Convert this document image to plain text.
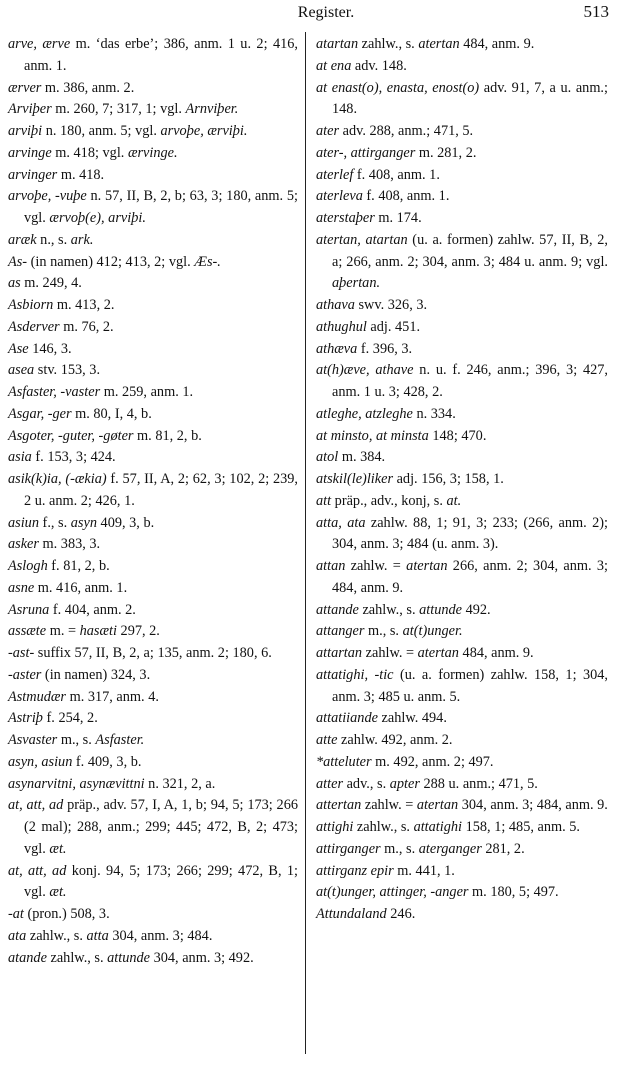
Register.	513
arve, ærve m. ‘das erbe’; 386, anm. 1 u. 2; 416, anm. 1.
ærver m. 386, anm. 2.
Arviþer m. 260, 7; 317, 1; vgl. Arnviþer.
arviþi n. 180, anm. 5; vgl. arvoþe, ærviþi.
arvinge m. 418; vgl. ærvinge.
arvinger m. 418.
arvoþe, -vuþe n. 57, II, B, 2, b; 63, 3; 180, anm. 5; vgl. ærvoþ(e), arviþi.
aræk n., s. ark.
As- (in namen) 412; 413, 2; vgl. Æs-.
as m. 249, 4.
Asbiorn m. 413, 2.
Asderver m. 76, 2.
Ase 146, 3.
asea stv. 153, 3.
Asfaster, -vaster m. 259, anm. 1.
Asgar, -ger m. 80, I, 4, b.
Asgoter, -guter, -gøter m. 81, 2, b.
asia f. 153, 3; 424.
asik(k)ia, (-ækia) f. 57, II, A, 2; 62, 3; 102, 2; 239, 2 u. anm. 2; 426, 1.
asiun f., s. asyn 409, 3, b.
asker m. 383, 3.
Aslogh f. 81, 2, b.
asne m. 416, anm. 1.
Asruna f. 404, anm. 2.
assæte m. = hasæti 297, 2.
-ast- suffix 57, II, B, 2, a; 135, anm. 2; 180, 6.
-aster (in namen) 324, 3.
Astmudær m. 317, anm. 4.
Astriþ f. 254, 2.
Asvaster m., s. Asfaster.
asyn, asiun f. 409, 3, b.
asynarvitni, asynævittni n. 321, 2, a.
at, att, ad präp., adv. 57, I, A, 1, b; 94, 5; 173; 266 (2 mal); 288, anm.; 299; 445; 472, B, 2; 473; vgl. æt.
at, att, ad konj. 94, 5; 173; 266; 299; 472, B, 1; vgl. æt.
-at (pron.) 508, 3.
ata zahlw., s. atta 304, anm. 3; 484.
atande zahlw., s. attunde 304, anm. 3; 492.
atartan zahlw., s. atertan 484, anm. 9.
at ena adv. 148.
at enast(o), enasta, enost(o) adv. 91, 7, a u. anm.; 148.
ater adv. 288, anm.; 471, 5.
ater-, attirganger m. 281, 2.
aterlef f. 408, anm. 1.
aterleva f. 408, anm. 1.
aterstaþer m. 174.
atertan, atartan (u. a. formen) zahlw. 57, II, B, 2, a; 266, anm. 2; 304, anm. 3; 484 u. anm. 9; vgl. aþertan.
athava swv. 326, 3.
athughul adj. 451.
athæva f. 396, 3.
at(h)æve, athave n. u. f. 246, anm.; 396, 3; 427, anm. 1 u. 3; 428, 2.
atleghe, atzleghe n. 334.
at minsto, at minsta 148; 470.
atol m. 384.
atskil(le)liker adj. 156, 3; 158, 1.
att präp., adv., konj, s. at.
atta, ata zahlw. 88, 1; 91, 3; 233; (266, anm. 2); 304, anm. 3; 484 (u. anm. 3).
attan zahlw. = atertan 266, anm. 2; 304, anm. 3; 484, anm. 9.
attande zahlw., s. attunde 492.
attanger m., s. at(t)unger.
attartan zahlw. = atertan 484, anm. 9.
attatighi, -tic (u. a. formen) zahlw. 158, 1; 304, anm. 3; 485 u. anm. 5.
attatiiande zahlw. 494.
atte zahlw. 492, anm. 2.
*atteluter m. 492, anm. 2; 497.
atter adv., s. apter 288 u. anm.; 471, 5.
attertan zahlw. = atertan 304, anm. 3; 484, anm. 9.
attighi zahlw., s. attatighi 158, 1; 485, anm. 5.
attirganger m., s. aterganger 281, 2.
attirganz epir m. 441, 1.
at(t)unger, attinger, -anger m. 180, 5; 497.
Attundaland 246.
